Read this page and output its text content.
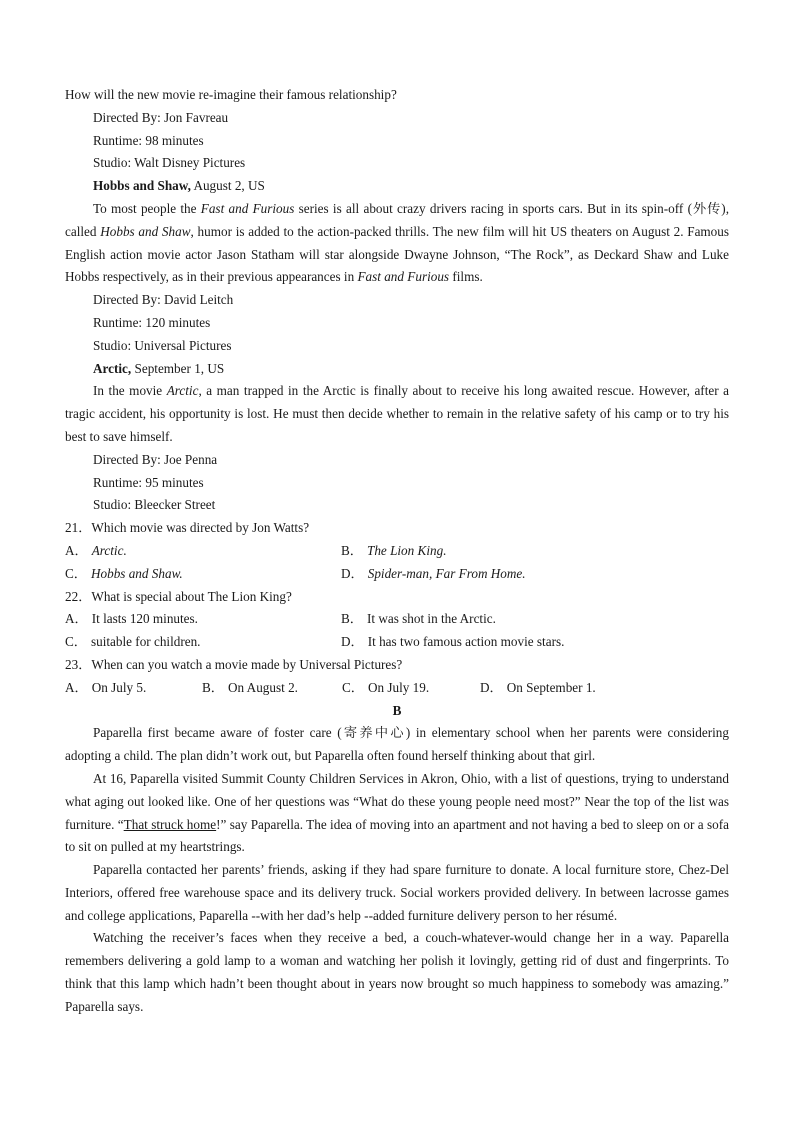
How will the new movie re-imagine their famous relationship?
Directed By: Jon Favreau
Runtime: 98 minutes
Studio: Walt Disney Pictures
Hobbs and Shaw, August 2, US

To most people the Fast and Furious series is all about crazy drivers racing in sports cars. But in its spin-off (外传), called Hobbs and Shaw, humor is added to the action-packed thrills. The new film will hit US theaters on August 2. Famous English action movie actor Jason Statham will star alongside Dwayne Johnson, “The Rock”, as Deckard Shaw and Luke Hobbs respectively, as in their previous appearances in Fast and Furious films.

Directed By: David Leitch
Runtime: 120 minutes
Studio: Universal Pictures
Arctic, September 1, US

In the movie Arctic, a man trapped in the Arctic is finally about to receive his long awaited rescue. However, after a tragic accident, his opportunity is lost. He must then decide whether to remain in the relative safety of his camp or to try his best to save himself.

Directed By: Joe Penna
Runtime: 95 minutes
Studio: Bleecker Street
21．Which movie was directed by Jon Watts?
A． Arctic.	B． The Lion King.
C． Hobbs and Shaw.	D． Spider-man, Far From Home.
22．What is special about The Lion King?
A． It lasts 120 minutes.	B． It was shot in the Arctic.
C． suitable for children.	D． It has two famous action movie stars.
23．When can you watch a movie made by Universal Pictures?
A． On July 5.	B． On August 2.	C． On July 19.	D． On September 1.
B

Paparella first became aware of foster care (寄养中心) in elementary school when her parents were considering adopting a child. The plan didn’t work out, but Paparella often found herself thinking about that girl.

At 16, Paparella visited Summit County Children Services in Akron, Ohio, with a list of questions, trying to understand what aging out looked like. One of her questions was “What do these young people need most?” Near the top of the list was furniture. “That struck home!” say Paparella. The idea of moving into an apartment and not having a bed to sleep on or a sofa to sit on pulled at my heartstrings.

Paparella contacted her parents’ friends, asking if they had spare furniture to donate. A local furniture store, Chez-Del Interiors, offered free warehouse space and its delivery truck. Social workers provided delivery. In between lacrosse games and college applications, Paparella --with her dad’s help --added furniture delivery person to her résumé.

Watching the receiver’s faces when they receive a bed, a couch-whatever-would change her in a way. Paparella remembers delivering a gold lamp to a woman and watching her polish it lovingly, getting rid of dust and fingerprints. To think that this lamp which hadn’t been thought about in years now brought so much happiness to somebody was amazing.” Paparella says.
